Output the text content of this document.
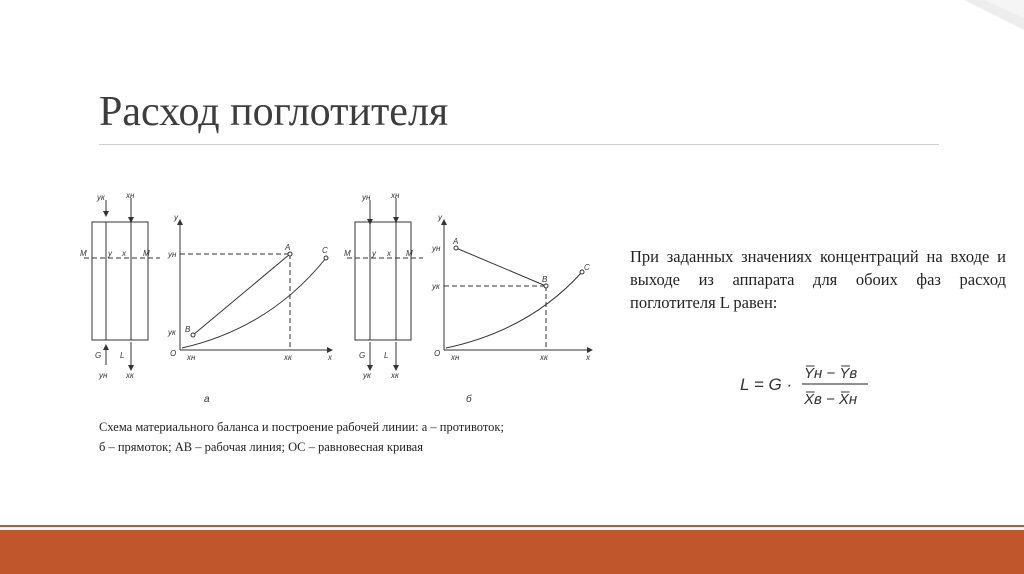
Расход поглотителя
yк	xн
M	y x M
G L
yн xк
y
yн
yк
O xн	xк	x
A
B
C
а
yн	xн
M	y x M
G L
yк	xк
y
yн
yк
O xн	xк	x
A
B
C
б
Схема материального баланса и построение рабочей линии: а – противоток;
б – прямоток; AB – рабочая линия; OC – равновесная кривая
При заданных значениях концентраций на входе и выходе из аппарата для обоих фаз расход поглотителя L равен:
L = G ·
Y̅н − Y̅в
X̅в − X̅н
